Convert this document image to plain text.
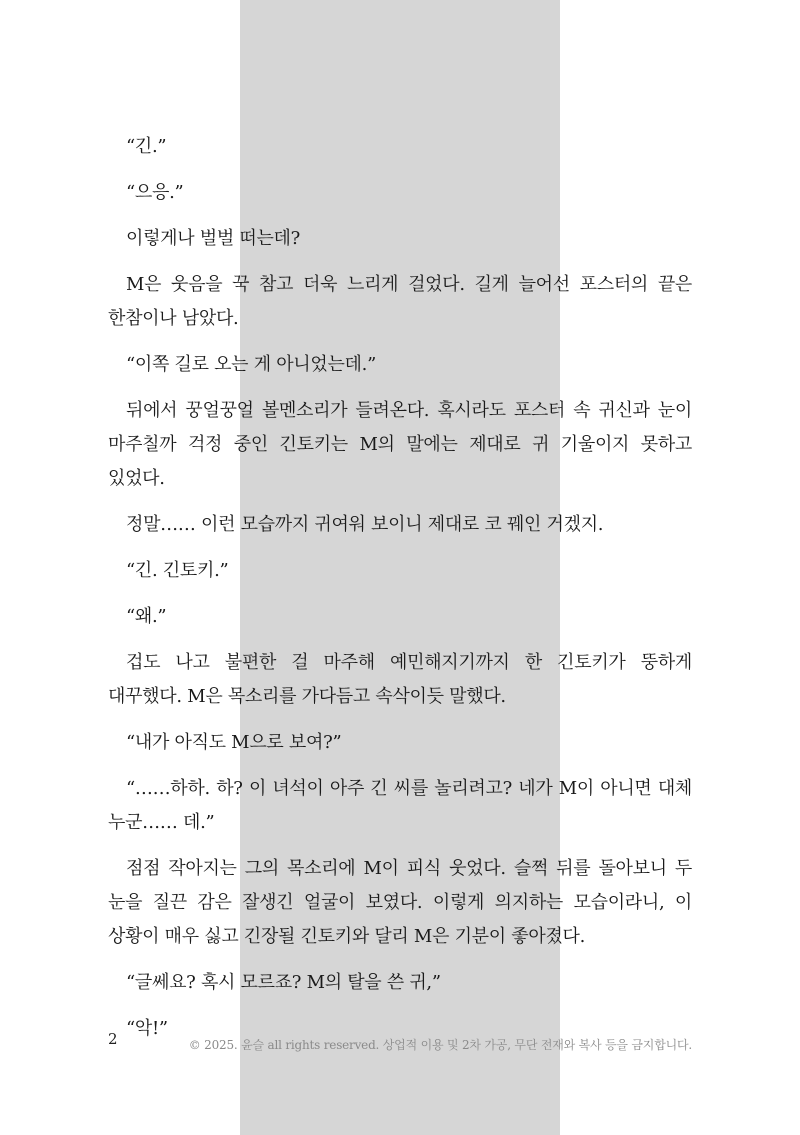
“긴.”

“으응.”

이렇게나 벌벌 떠는데?

M은 웃음을 꾹 참고 더욱 느리게 걸었다. 길게 늘어선 포스터의 끝은 한참이나 남았다.

“이쪽 길로 오는 게 아니었는데.”

뒤에서 꿍얼꿍얼 볼멘소리가 들려온다. 혹시라도 포스터 속 귀신과 눈이 마주칠까 걱정 중인 긴토키는 M의 말에는 제대로 귀 기울이지 못하고 있었다.

정말…… 이런 모습까지 귀여워 보이니 제대로 코 꿰인 거겠지.

“긴. 긴토키.”

“왜.”

겁도 나고 불편한 걸 마주해 예민해지기까지 한 긴토키가 뚱하게 대꾸했다. M은 목소리를 가다듬고 속삭이듯 말했다.

“내가 아직도 M으로 보여?”

“……하하. 하? 이 녀석이 아주 긴 씨를 놀리려고? 네가 M이 아니면 대체 누군…… 데.”

점점 작아지는 그의 목소리에 M이 피식 웃었다. 슬쩍 뒤를 돌아보니 두 눈을 질끈 감은 잘생긴 얼굴이 보였다. 이렇게 의지하는 모습이라니, 이 상황이 매우 싫고 긴장될 긴토키와 달리 M은 기분이 좋아졌다.

“글쎄요? 혹시 모르죠? M의 탈을 쓴 귀,”

“악!”

2	© 2025. 윤슬 all rights reserved. 상업적 이용 및 2차 가공, 무단 전재와 복사 등을 금지합니다.
